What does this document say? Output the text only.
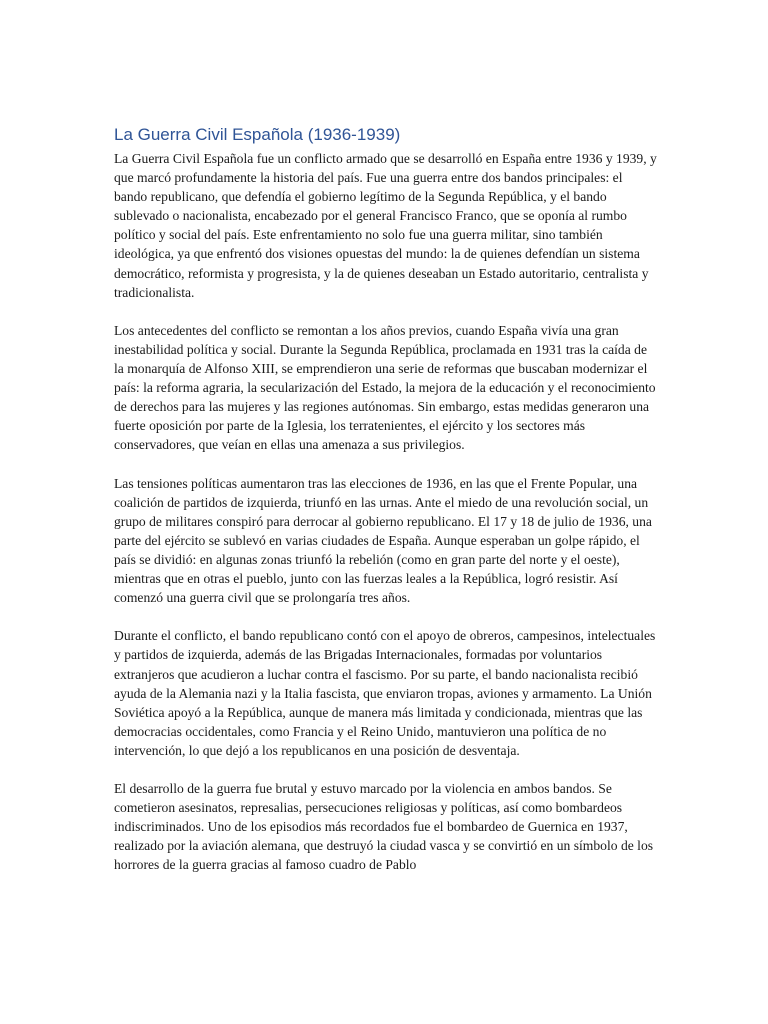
La Guerra Civil Española (1936-1939)

La Guerra Civil Española fue un conflicto armado que se desarrolló en España entre 1936 y 1939, y que marcó profundamente la historia del país. Fue una guerra entre dos bandos principales: el bando republicano, que defendía el gobierno legítimo de la Segunda República, y el bando sublevado o nacionalista, encabezado por el general Francisco Franco, que se oponía al rumbo político y social del país. Este enfrentamiento no solo fue una guerra militar, sino también ideológica, ya que enfrentó dos visiones opuestas del mundo: la de quienes defendían un sistema democrático, reformista y progresista, y la de quienes deseaban un Estado autoritario, centralista y tradicionalista.

Los antecedentes del conflicto se remontan a los años previos, cuando España vivía una gran inestabilidad política y social. Durante la Segunda República, proclamada en 1931 tras la caída de la monarquía de Alfonso XIII, se emprendieron una serie de reformas que buscaban modernizar el país: la reforma agraria, la secularización del Estado, la mejora de la educación y el reconocimiento de derechos para las mujeres y las regiones autónomas. Sin embargo, estas medidas generaron una fuerte oposición por parte de la Iglesia, los terratenientes, el ejército y los sectores más conservadores, que veían en ellas una amenaza a sus privilegios.

Las tensiones políticas aumentaron tras las elecciones de 1936, en las que el Frente Popular, una coalición de partidos de izquierda, triunfó en las urnas. Ante el miedo de una revolución social, un grupo de militares conspiró para derrocar al gobierno republicano. El 17 y 18 de julio de 1936, una parte del ejército se sublevó en varias ciudades de España. Aunque esperaban un golpe rápido, el país se dividió: en algunas zonas triunfó la rebelión (como en gran parte del norte y el oeste), mientras que en otras el pueblo, junto con las fuerzas leales a la República, logró resistir. Así comenzó una guerra civil que se prolongaría tres años.

Durante el conflicto, el bando republicano contó con el apoyo de obreros, campesinos, intelectuales y partidos de izquierda, además de las Brigadas Internacionales, formadas por voluntarios extranjeros que acudieron a luchar contra el fascismo. Por su parte, el bando nacionalista recibió ayuda de la Alemania nazi y la Italia fascista, que enviaron tropas, aviones y armamento. La Unión Soviética apoyó a la República, aunque de manera más limitada y condicionada, mientras que las democracias occidentales, como Francia y el Reino Unido, mantuvieron una política de no intervención, lo que dejó a los republicanos en una posición de desventaja.

El desarrollo de la guerra fue brutal y estuvo marcado por la violencia en ambos bandos. Se cometieron asesinatos, represalias, persecuciones religiosas y políticas, así como bombardeos indiscriminados. Uno de los episodios más recordados fue el bombardeo de Guernica en 1937, realizado por la aviación alemana, que destruyó la ciudad vasca y se convirtió en un símbolo de los horrores de la guerra gracias al famoso cuadro de Pablo
